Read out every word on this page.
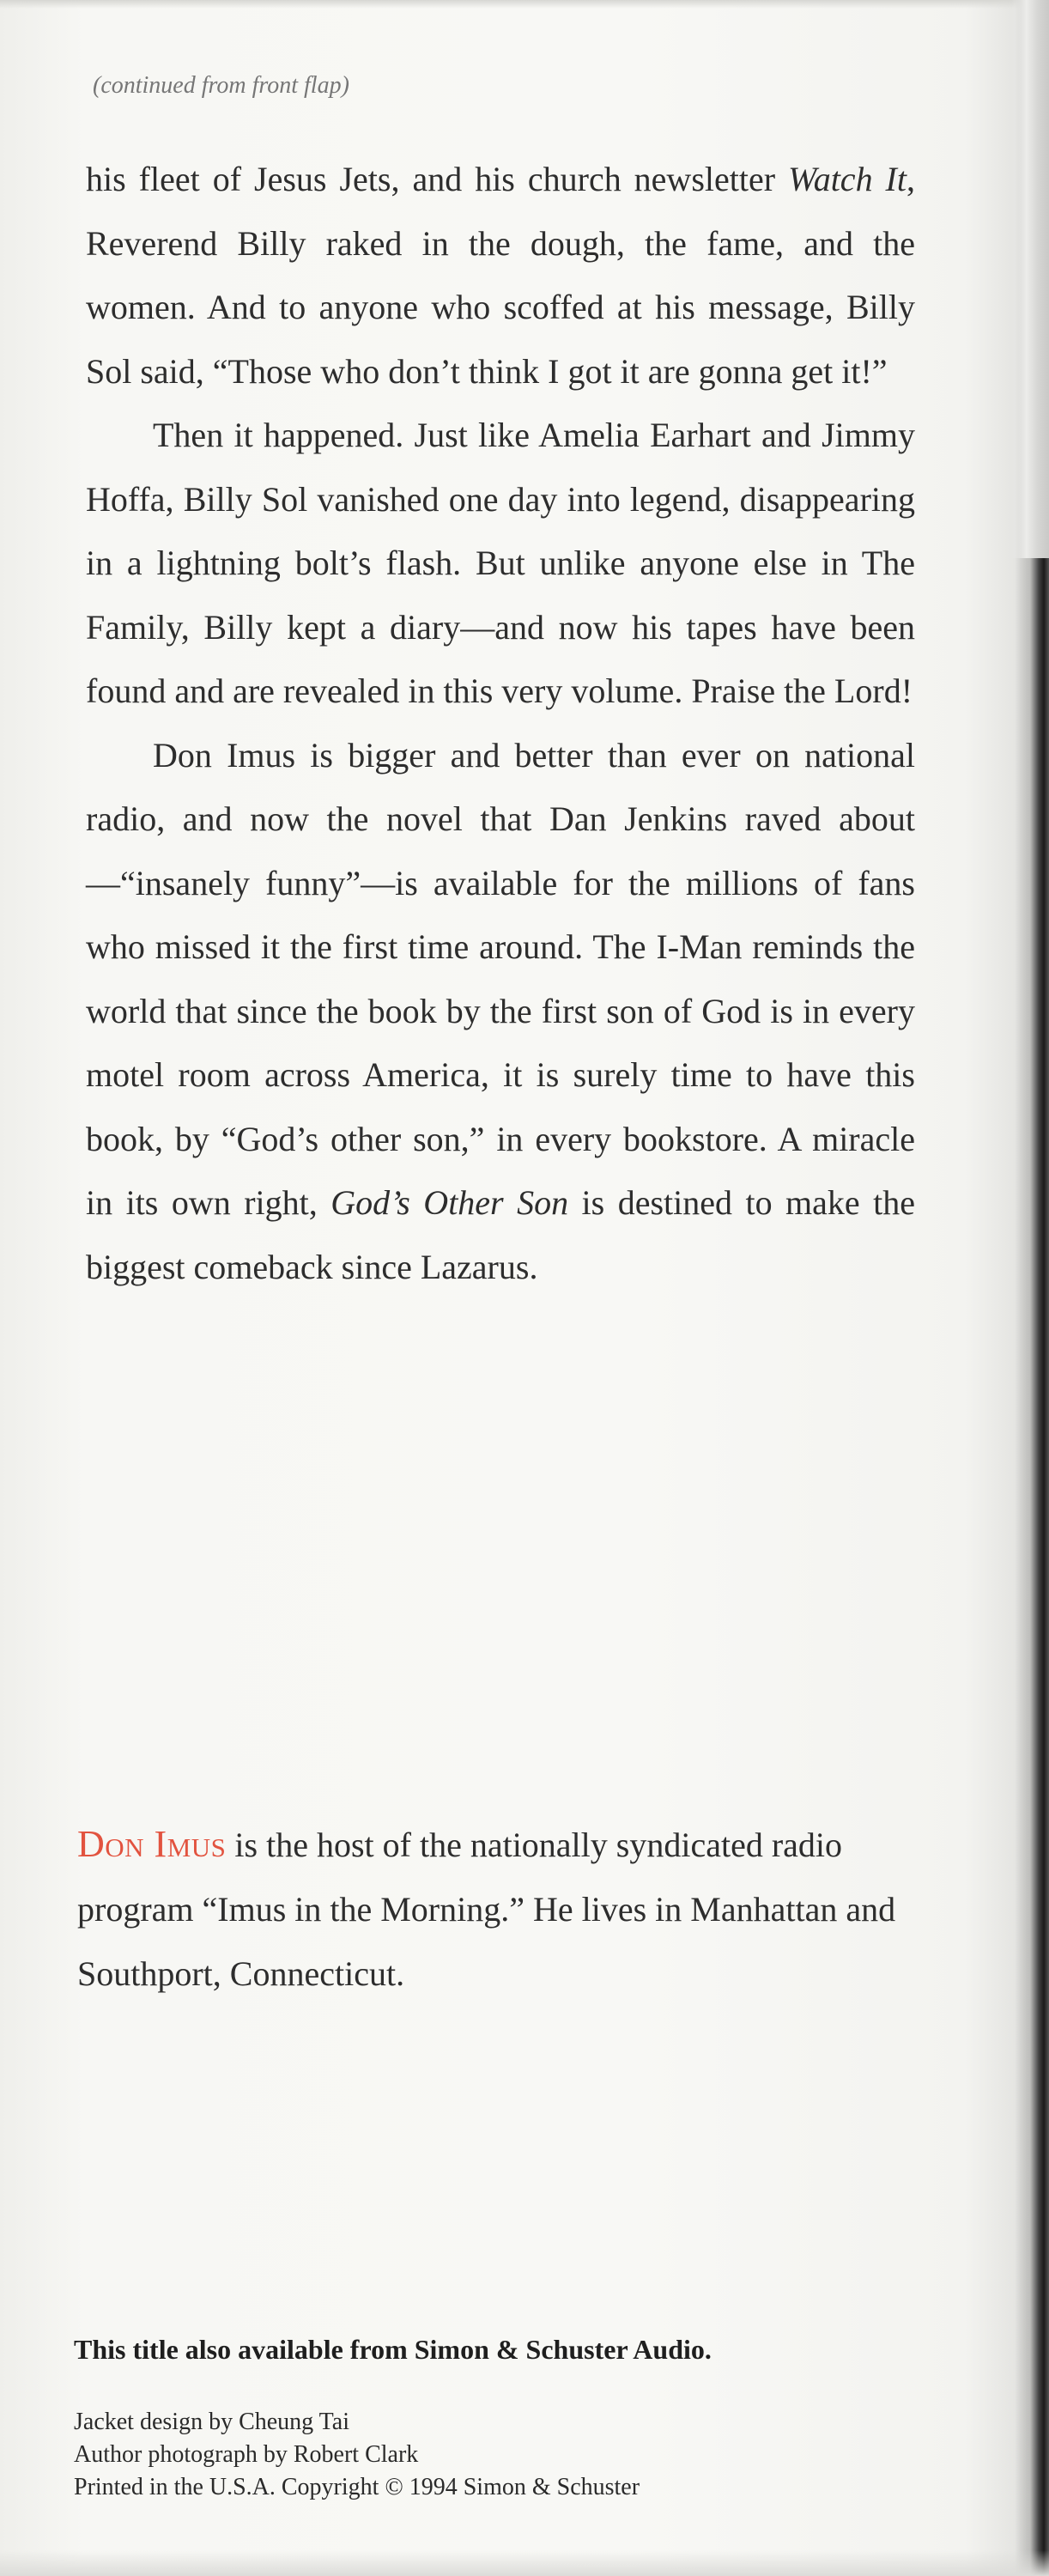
(continued from front flap)

his fleet of Jesus Jets, and his church newsletter Watch It, Reverend Billy raked in the dough, the fame, and the women. And to anyone who scoffed at his message, Billy Sol said, “Those who don’t think I got it are gonna get it!”

Then it happened. Just like Amelia Earhart and Jimmy Hoffa, Billy Sol vanished one day into legend, disappearing in a lightning bolt’s flash. But unlike anyone else in The Family, Billy kept a diary—and now his tapes have been found and are revealed in this very volume. Praise the Lord!

Don Imus is bigger and better than ever on national radio, and now the novel that Dan Jenkins raved about—“insanely funny”—is available for the millions of fans who missed it the first time around. The I-Man reminds the world that since the book by the first son of God is in every motel room across America, it is surely time to have this book, by “God’s other son,” in every bookstore. A miracle in its own right, God’s Other Son is destined to make the biggest comeback since Lazarus.

Don Imus is the host of the nationally syndicated radio program “Imus in the Morning.” He lives in Manhattan and Southport, Connecticut.

This title also available from Simon & Schuster Audio.

Jacket design by Cheung Tai
Author photograph by Robert Clark
Printed in the U.S.A. Copyright © 1994 Simon & Schuster
